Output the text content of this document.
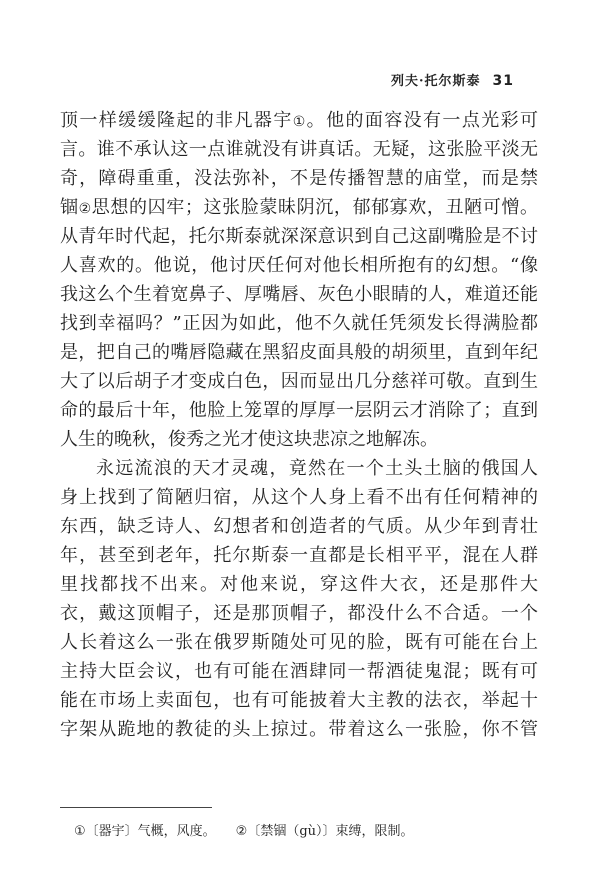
列夫·托尔斯泰 31
顶一样缓缓隆起的非凡器宇①。他的面容没有一点光彩可
言。谁不承认这一点谁就没有讲真话。无疑，这张脸平淡无
奇，障碍重重，没法弥补，不是传播智慧的庙堂，而是禁
锢②思想的囚牢；这张脸蒙昧阴沉，郁郁寡欢，丑陋可憎。
从青年时代起，托尔斯泰就深深意识到自己这副嘴脸是不讨
人喜欢的。他说，他讨厌任何对他长相所抱有的幻想。“像
我这么个生着宽鼻子、厚嘴唇、灰色小眼睛的人，难道还能
找到幸福吗？”正因为如此，他不久就任凭须发长得满脸都
是，把自己的嘴唇隐藏在黑貂皮面具般的胡须里，直到年纪
大了以后胡子才变成白色，因而显出几分慈祥可敬。直到生
命的最后十年，他脸上笼罩的厚厚一层阴云才消除了；直到
人生的晚秋，俊秀之光才使这块悲凉之地解冻。
永远流浪的天才灵魂，竟然在一个土头土脑的俄国人
身上找到了简陋归宿，从这个人身上看不出有任何精神的
东西，缺乏诗人、幻想者和创造者的气质。从少年到青壮
年，甚至到老年，托尔斯泰一直都是长相平平，混在人群
里找都找不出来。对他来说，穿这件大衣，还是那件大
衣，戴这顶帽子，还是那顶帽子，都没什么不合适。一个
人长着这么一张在俄罗斯随处可见的脸，既有可能在台上
主持大臣会议，也有可能在酒肆同一帮酒徒鬼混；既有可
能在市场上卖面包，也有可能披着大主教的法衣，举起十
字架从跪地的教徒的头上掠过。带着这么一张脸，你不管
①〔器宇〕气概，风度。 ②〔禁锢（gù）〕束缚，限制。
